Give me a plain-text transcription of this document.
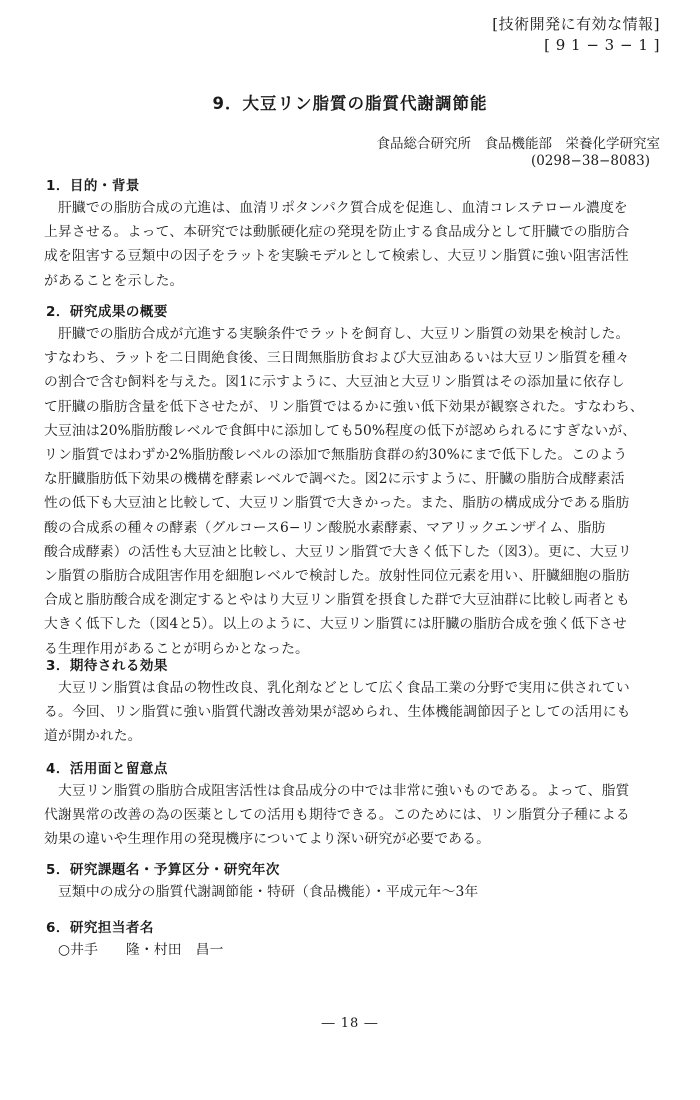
[技術開発に有効な情報]
[ 9 1 − 3 − 1 ]
9．大豆リン脂質の脂質代謝調節能
食品総合研究所　食品機能部　栄養化学研究室
(0298−38−8083)
1．目的・背景
　肝臓での脂肪合成の亢進は、血清リポタンパク質合成を促進し、血清コレステロール濃度を
上昇させる。よって、本研究では動脈硬化症の発現を防止する食品成分として肝臓での脂肪合
成を阻害する豆類中の因子をラットを実験モデルとして検索し、大豆リン脂質に強い阻害活性
があることを示した。
2．研究成果の概要
　肝臓での脂肪合成が亢進する実験条件でラットを飼育し、大豆リン脂質の効果を検討した。
すなわち、ラットを二日間絶食後、三日間無脂肪食および大豆油あるいは大豆リン脂質を種々
の割合で含む飼料を与えた。図1に示すように、大豆油と大豆リン脂質はその添加量に依存し
て肝臓の脂肪含量を低下させたが、リン脂質ではるかに強い低下効果が観察された。すなわち、
大豆油は20%脂肪酸レベルで食餌中に添加しても50%程度の低下が認められるにすぎないが、
リン脂質ではわずか2%脂肪酸レベルの添加で無脂肪食群の約30%にまで低下した。このよう
な肝臓脂肪低下効果の機構を酵素レベルで調べた。図2に示すように、肝臓の脂肪合成酵素活
性の低下も大豆油と比較して、大豆リン脂質で大きかった。また、脂肪の構成成分である脂肪
酸の合成系の種々の酵素（グルコース6−リン酸脱水素酵素、マアリックエンザイム、脂肪
酸合成酵素）の活性も大豆油と比較し、大豆リン脂質で大きく低下した（図3）。更に、大豆リ
ン脂質の脂肪合成阻害作用を細胞レベルで検討した。放射性同位元素を用い、肝臓細胞の脂肪
合成と脂肪酸合成を測定するとやはり大豆リン脂質を摂食した群で大豆油群に比較し両者とも
大きく低下した（図4と5）。以上のように、大豆リン脂質には肝臓の脂肪合成を強く低下させ
る生理作用があることが明らかとなった。
3．期待される効果
　大豆リン脂質は食品の物性改良、乳化剤などとして広く食品工業の分野で実用に供されてい
る。今回、リン脂質に強い脂質代謝改善効果が認められ、生体機能調節因子としての活用にも
道が開かれた。
4．活用面と留意点
　大豆リン脂質の脂肪合成阻害活性は食品成分の中では非常に強いものである。よって、脂質
代謝異常の改善の為の医薬としての活用も期待できる。このためには、リン脂質分子種による
効果の違いや生理作用の発現機序についてより深い研究が必要である。
5．研究課題名・予算区分・研究年次
　豆類中の成分の脂質代謝調節能・特研（食品機能）・平成元年〜3年
6．研究担当者名
　○井手　　隆・村田　昌一
― 18 ―
